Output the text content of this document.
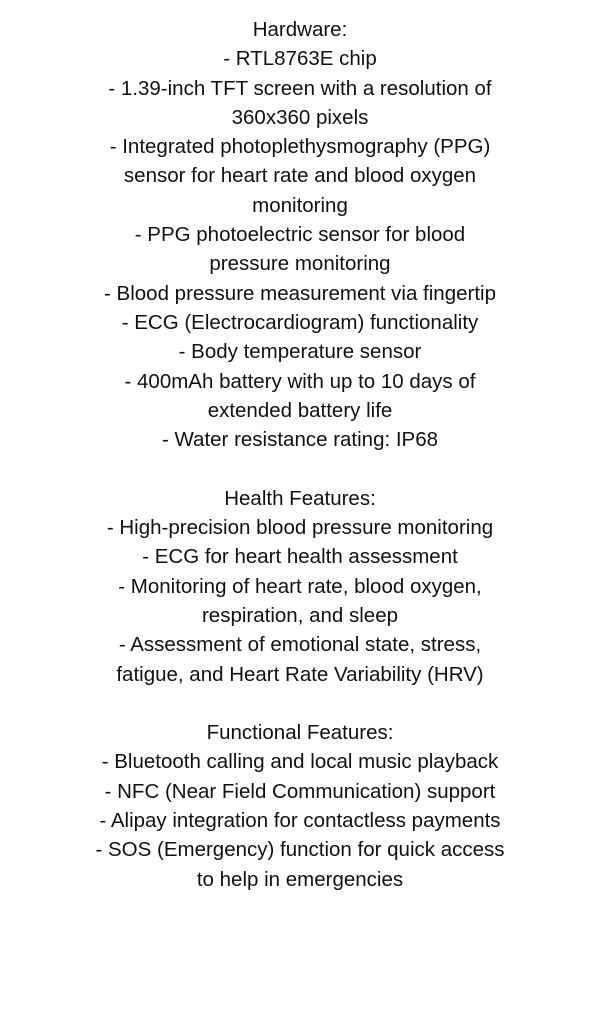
Hardware:
- RTL8763E chip
- 1.39-inch TFT screen with a resolution of
360x360 pixels
- Integrated photoplethysmography (PPG)
sensor for heart rate and blood oxygen
monitoring
- PPG photoelectric sensor for blood
pressure monitoring
- Blood pressure measurement via fingertip
- ECG (Electrocardiogram) functionality
- Body temperature sensor
- 400mAh battery with up to 10 days of
extended battery life
- Water resistance rating: IP68
Health Features:
- High-precision blood pressure monitoring
- ECG for heart health assessment
- Monitoring of heart rate, blood oxygen,
respiration, and sleep
- Assessment of emotional state, stress,
fatigue, and Heart Rate Variability (HRV)
Functional Features:
- Bluetooth calling and local music playback
- NFC (Near Field Communication) support
- Alipay integration for contactless payments
- SOS (Emergency) function for quick access
to help in emergencies
